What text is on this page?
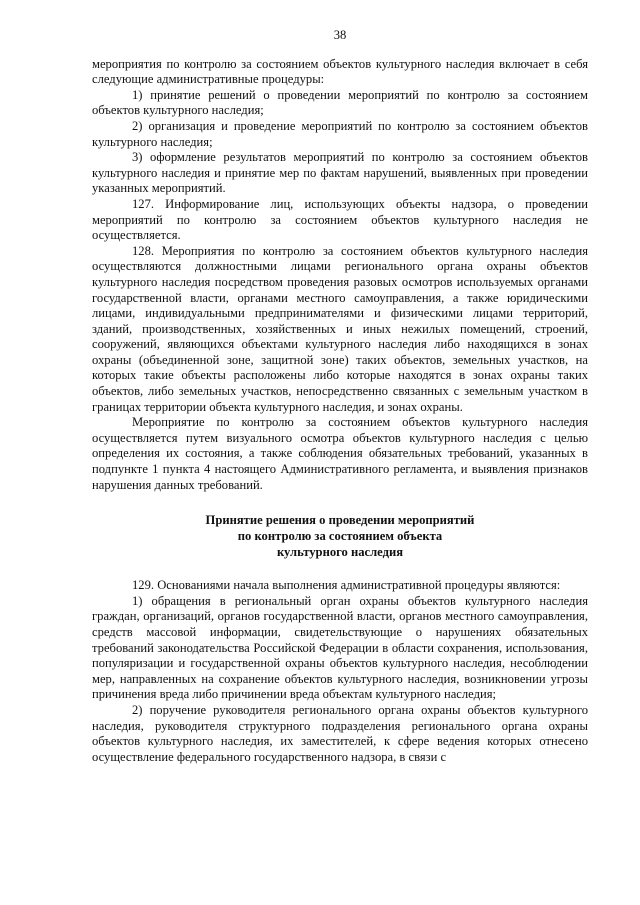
38

мероприятия по контролю за состоянием объектов культурного наследия включает в себя следующие административные процедуры:

1) принятие решений о проведении мероприятий по контролю за состоянием объектов культурного наследия;

2) организация и проведение мероприятий по контролю за состоянием объектов культурного наследия;

3) оформление результатов мероприятий по контролю за состоянием объектов культурного наследия и принятие мер по фактам нарушений, выявленных при проведении указанных мероприятий.

127. Информирование лиц, использующих объекты надзора, о проведении мероприятий по контролю за состоянием объектов культурного наследия не осуществляется.

128. Мероприятия по контролю за состоянием объектов культурного наследия осуществляются должностными лицами регионального органа охраны объектов культурного наследия посредством проведения разовых осмотров используемых органами государственной власти, органами местного самоуправления, а также юридическими лицами, индивидуальными предпринимателями и физическими лицами территорий, зданий, производственных, хозяйственных и иных нежилых помещений, строений, сооружений, являющихся объектами культурного наследия либо находящихся в зонах охраны (объединенной зоне, защитной зоне) таких объектов, земельных участков, на которых такие объекты расположены либо которые находятся в зонах охраны таких объектов, либо земельных участков, непосредственно связанных с земельным участком в границах территории объекта культурного наследия, и зонах охраны.

Мероприятие по контролю за состоянием объектов культурного наследия осуществляется путем визуального осмотра объектов культурного наследия с целью определения их состояния, а также соблюдения обязательных требований, указанных в подпункте 1 пункта 4 настоящего Административного регламента, и выявления признаков нарушения данных требований.

Принятие решения о проведении мероприятий
по контролю за состоянием объекта
культурного наследия

129. Основаниями начала выполнения административной процедуры являются:

1) обращения в региональный орган охраны объектов культурного наследия граждан, организаций, органов государственной власти, органов местного самоуправления, средств массовой информации, свидетельствующие о нарушениях обязательных требований законодательства Российской Федерации в области сохранения, использования, популяризации и государственной охраны объектов культурного наследия, несоблюдении мер, направленных на сохранение объектов культурного наследия, возникновении угрозы причинения вреда либо причинении вреда объектам культурного наследия;

2) поручение руководителя регионального органа охраны объектов культурного наследия, руководителя структурного подразделения регионального органа охраны объектов культурного наследия, их заместителей, к сфере ведения которых отнесено осуществление федерального государственного надзора, в связи с
